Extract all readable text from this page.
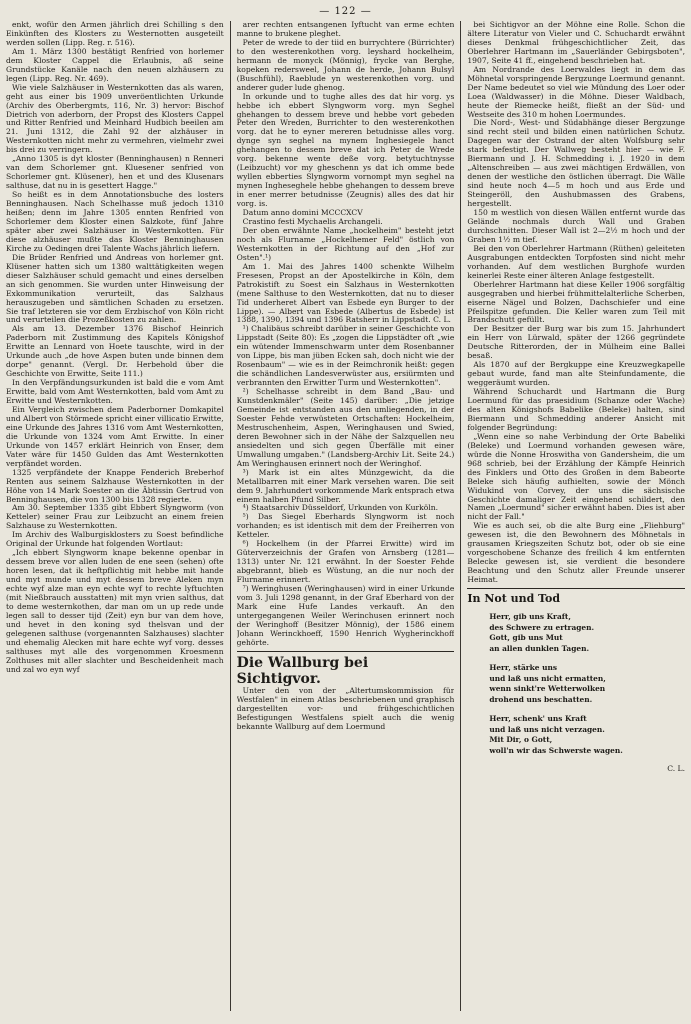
— 122 —

enkt, wofür den Armen jährlich drei Schilling s den Einkünften des Klosters zu Westernotten ausgeteilt werden sollen (Lipp. Reg. r. 516).

Am 1. März 1300 bestätigt Renfried von horlemer dem Kloster Cappel die Erlaubnis, aß seine Grundstücke Kanäle nach den neuen alzhäusern zu legen (Lipp. Reg. Nr. 469).

Wie viele Salzhäuser in Westernkotten das als waren, geht aus einer bis 1909 unveröentlichten Urkunde (Archiv des Oberbergmts, 116, Nr. 3) hervor: Bischof Dietrich von aderborn, der Propst des Klosters Cappel und Ritter Renfried und Meinhard Hudbich beeilen am 21. Juni 1312, die Zahl 92 der alzhäuser in Westernkotten nicht mehr zu vermehren, vielmehr zwei bis drei zu verringern.

„Anno 1305 is dyt kloster (Benninghausen) n Renneri van dem Schorlemer gnt. Kluesener senfried von Schorlemer gnt. Klüsener), hen et und des Klusenars salthuse, dat nu in is gesettert Hagge."

So heißt es in dem Annotationsbuche des losters Benninghausen. Nach Schelhasse muß jedoch 1310 heißen; denn im Jahre 1305 ennten Renfried von Schorlemer dem Kloster einen Salzkote, fünf Jahre später aber zwei Salzhäuser in Westernkotten. Für diese alzhäuser mußte das Kloster Benninghausen Kirche zu Oedingen drei Talente Wachs jährlich liefern.

Die Brüder Renfried und Andreas von horlemer gnt. Klüsener hatten sich um 1380 walttätigkeiten wegen dieser Salzhäuser schuld gemacht und eines derselben an sich genommen. Sie wurden unter Hinweisung der Exkommunikation verurteilt, das Salzhaus herauszugeben und sämtlichen Schaden zu ersetzen. Sie traf letzteren sie vor dem Erzbischof von Köln richt und verurteilen die Prozeßkosten zu zahlen.

Als am 13. Dezember 1376 Bischof Heinrich Paderborn mit Zustimmung des Kapitels Königshof Erwitte an Lennard von Hoete tauschte, wird in der Urkunde auch „de hove Aspen buten unde binnen dem dorpe" genannt. (Vergl. Dr. Herbehold über die Geschichte von Erwitte, Seite 111.)

In den Verpfändungsurkunden ist bald die e vom Amt Erwitte, bald vom Amt Westernkotten, bald vom Amt zu Erwitte und Westernkotten.

Ein Vergleich zwischen dem Paderborner Domkapitel und Albert von Störmede spricht einer villicatio Erwitte, eine Urkunde des Jahres 1316 vom Amt Westernkotten, die Urkunde von 1324 vom Amt Erwitte. In einer Urkunde von 1457 erklärt Heinrich von Enser, dem Vater wäre für 1450 Gulden das Amt Westernkotten verpfändet worden.

1325 verpfändete der Knappe Fenderich Breberhof Renten aus seinem Salzhause Westernkotten in der Höhe von 14 Mark Soester an die Äbtissin Gertrud von Benninghausen, die von 1300 bis 1328 regierte.

Am 30. September 1335 gibt Ebbert Slyngworm (von Ketteler) seiner Frau zur Leibzucht an einem freien Salzhause zu Westernkotten.

Im Archiv des Walburgisklosters zu Soest befindliche Original der Urkunde hat folgenden Wortlaut:

„Ich ebbert Slyngworm knape bekenne openbar in dessem breve vor allen luden de ene seen (sehen) ofte horen lesen, dat ik heftpflichtig mit hebbe mit hande und myt munde und myt dessem breve Aleken myn echte wyf alze man eyn echte wyf to rechte lyftuchten (mit Nießbrauch ausstatten) mit myn vrien salthus, dat to deme westernkothen, dar man om un up rede unde legen sall to desser tijd (Zeit) eyn bur van dem hove, und hevet in den koning syd thelsvan und der gelegenen salthuse (vorgenannten Salzhauses) slachter und ehemalig Alecken mit hare echte wyf vorg. desses salthuses myt alle des vorgenommen Kroesmenn Zolthuses mit aller slachter und Bescheidenheit mach und zal wo eyn wyf

arer rechten entsangenen Iyftucht van erme echten manne to brukene pleghet.

Peter de wrede to der tiid en burrychtere (Bürrichter) to den westerenkothen vorg. leyshard hockelheim, hermann de monyck (Mönnig), frycke van Berghe, kopeken redersweel, Johann de herde, Johann Bulsyl (Buschfühl), Raeblude yn westerenkothen vorg. und anderer guder lude ghenog.

In orkunde und to tughe alles des dat hir vorg. ys hebbe ich ebbert Slyngworm vorg. myn Seghel ghehangen to dessem breve und hebbe vort gebeden Peter den Wreden, Burrichter to den westerenkothen vorg. dat he to eyner mereren betudnisse alles vorg. dynge syn seghel na mynem Inghesiegele hanct ghehangen to dessem breve dat ich Peter de Wrede vorg. bekenne wente deße vorg. betytuchtnysse (Leibzucht) vor my gheschenn ys dat ich omme bede wyllen ebberties Slyngworm vornompt myn seghel na mynen Ingheseghele hebbe ghehangen to dessem breve in ener merrer betudnisse (Zeugnis) alles des dat hir vorg. is.

Datum anno domini MCCCXCV

Crastino festi Mychaelis Archangeli.

Der oben erwähnte Name „hockelheim" besteht jetzt noch als Flurname „Hockelhemer Feld" östlich von Westernkotten in der Richtung auf den „Hof zur Osten".¹)

Am 1. Mai des Jahres 1400 schenkte Wilhelm Fresesen, Propst an der Apostelkirche in Köln, dem Patrokistift zu Soest ein Salzhaus in Westernkotten (mene Salthuse to den Westernkotten, dat nu to dieser Tid underheret Albert van Esbede eyn Burger to der Lippe). — Albert van Esbede (Albertus de Esbede) ist 1388, 1390, 1394 und 1396 Ratsherr in Lippstadt. C. L.

¹) Chalibäus schreibt darüber in seiner Geschichte von Lippstadt (Seite 80): Es „zogen die Lippstädter oft „wie ein wütender Immenschwarm unter dem Rosenbanner von Lippe, bis man jüben Ecken sah, doch nicht wie der Rosenbaum" — wie es in der Reimchronik heißt: gegen die schändlichen Landesverwüster aus, ersiürmten und verbrannten den Erwitter Turm und Westernkotten".

²) Schelhasse schreibt in dem Band „Bau- und Kunstdenkmäler" (Seite 145) darüber: „Die jetzige Gemeinde ist entstanden aus den umliegenden, in der Soester Fehde verwüsteten Ortschaften: Hockelheim, Mestruschenheim, Aspen, Weringhausen und Swied, deren Bewohner sich in der Nähe der Salzquellen neu ansiedelten und sich gegen Überfälle mit einer Umwallung umgaben." (Landsberg-Archiv Lit. Seite 24.) Am Weringhausen erinnert noch der Weringhof.

³) Mark ist ein altes Münzgewicht, da die Metallbarren mit einer Mark versehen waren. Die seit dem 9. Jahrhundert vorkommende Mark entsprach etwa einem halben Pfund Silber.

⁴) Staatsarchiv Düsseldorf, Urkunden von Kurköln.

⁵) Das Siegel Eberhards Slyngworm ist noch vorhanden; es ist identisch mit dem der Freiherren von Ketteler.

⁶) Hockelhem (in der Pfarrei Erwitte) wird im Güterverzeichnis der Grafen von Arnsberg (1281—1313) unter Nr. 121 erwähnt. In der Soester Fehde abgebrannt, blieb es Wüstung, an die nur noch der Flurname erinnert.

⁷) Weringhusen (Weringhausen) wird in einer Urkunde vom 3. Juli 1298 genannt, in der Graf Eberhard von der Mark eine Hufe Landes verkauft. An den untergegangenen Weiler Werinchusen erinnert noch der Weringhoff (Besitzer Mönnig), der 1586 einem Johann Werinckhoeff, 1590 Henrich Wygherinckhoff gehörte.

Die Wallburg bei Sichtigvor.

Unter den von der „Altertumskommission für Westfalen" in einem Atlas beschriebenen und graphisch dargestellten vor- und frühgeschichtlichen Befestigungen Westfalens spielt auch die wenig bekannte Wallburg auf dem Loermund

bei Sichtigvor an der Möhne eine Rolle. Schon die ältere Literatur von Vieler und C. Schuchardt erwähnt dieses Denkmal frühgeschichtlicher Zeit, das Oberlehrer Hartmann im „Sauerländer Gebirgsboten", 1907, Seite 41 ff., eingehend beschrieben hat.

Am Nordrande des Loerwaldes liegt in dem das Möhnetal vorspringende Bergzunge Loermund genannt. Der Name bedeutet so viel wie Mündung des Loer oder Loea (Waldwasser) in die Möhne. Dieser Waldbach, heute der Riemecke heißt, fließt an der Süd- und Westseite des 310 m hohen Loermundes.

Die Nord-, West- und Südabhänge dieser Bergzunge sind recht steil und bilden einen natürlichen Schutz. Dagegen war der Ostrand der alten Wolfsburg sehr stark befestigt. Der Wallweg besteht hier — wie F. Biermann und J. H. Schmedding i. J. 1920 in dem „Altenschreiben — aus zwei mächtigen Erdwällen, von denen der westliche den östlichen überragt. Die Wälle sind heute noch 4—5 m hoch und aus Erde und Steingeröll, den Aushubmassen des Grabens, hergestellt.

150 m westlich von diesen Wällen entfernt wurde das Gelände nochmals durch Wall und Graben durchschnitten. Dieser Wall ist 2—2½ m hoch und der Graben 1½ m tief.

Bei den von Oberlehrer Hartmann (Rüthen) geleiteten Ausgrabungen entdeckten Torpfosten sind nicht mehr vorhanden. Auf dem westlichen Burghofe wurden keinerlei Reste einer älteren Anlage festgestellt.

Oberlehrer Hartmann hat diese Keller 1906 sorgfältig ausgegraben und hierbei frühmittelalterliche Scherben, eiserne Nägel und Bolzen, Dachschiefer und eine Pfeilspitze gefunden. Die Keller waren zum Teil mit Brandschutt gefüllt.

Der Besitzer der Burg war bis zum 15. Jahrhundert ein Herr von Lürwald, später der 1266 gegründete Deutsche Ritterorden, der in Mülheim eine Ballei besaß.

Als 1870 auf der Bergkuppe eine Kreuzwegkapelle gebaut wurde, fand man alte Steinfundamente, die weggeräumt wurden.

Während Schuchardt und Hartmann die Burg Loermund für das praesidium (Schanze oder Wache) des alten Königshofs Babelike (Beleke) halten, sind Biermann und Schmedding anderer Ansicht mit folgender Begründung:

„Wenn eine so nahe Verbindung der Orte Babeliki (Beleke) und Loermund vorhanden gewesen wäre, würde die Nonne Hroswitha von Gandersheim, die um 968 schrieb, bei der Erzählung der Kämpfe Heinrich des Finklers und Otto des Großen in dem Babeorte Beleke sich häufig aufhielten, sowie der Mönch Widukind von Corvey, der uns die sächsische Geschichte damaliger Zeit eingehend schildert, den Namen „Loermund" sicher erwähnt haben. Dies ist aber nicht der Fall."

Wie es auch sei, ob die alte Burg eine „Fliehburg" gewesen ist, die den Bewohnern des Möhnetals in grausamen Kriegszeiten Schutz bot, oder ob sie eine vorgeschobene Schanze des freilich 4 km entfernten Belecke gewesen ist, sie verdient die besondere Beachtung und den Schutz aller Freunde unserer Heimat.

In Not und Tod
Herr, gib uns Kraft,
des Schwere zu ertragen.
Gott, gib uns Mut
an allen dunklen Tagen.
Herr, stärke uns
und laß uns nicht ermatten,
wenn sinkt're Wetterwolken
drohend uns beschatten.
Herr, schenk' uns Kraft
und laß uns nicht verzagen.
Mit Dir, o Gott,
woll'n wir das Schwerste wagen.
C. L.
